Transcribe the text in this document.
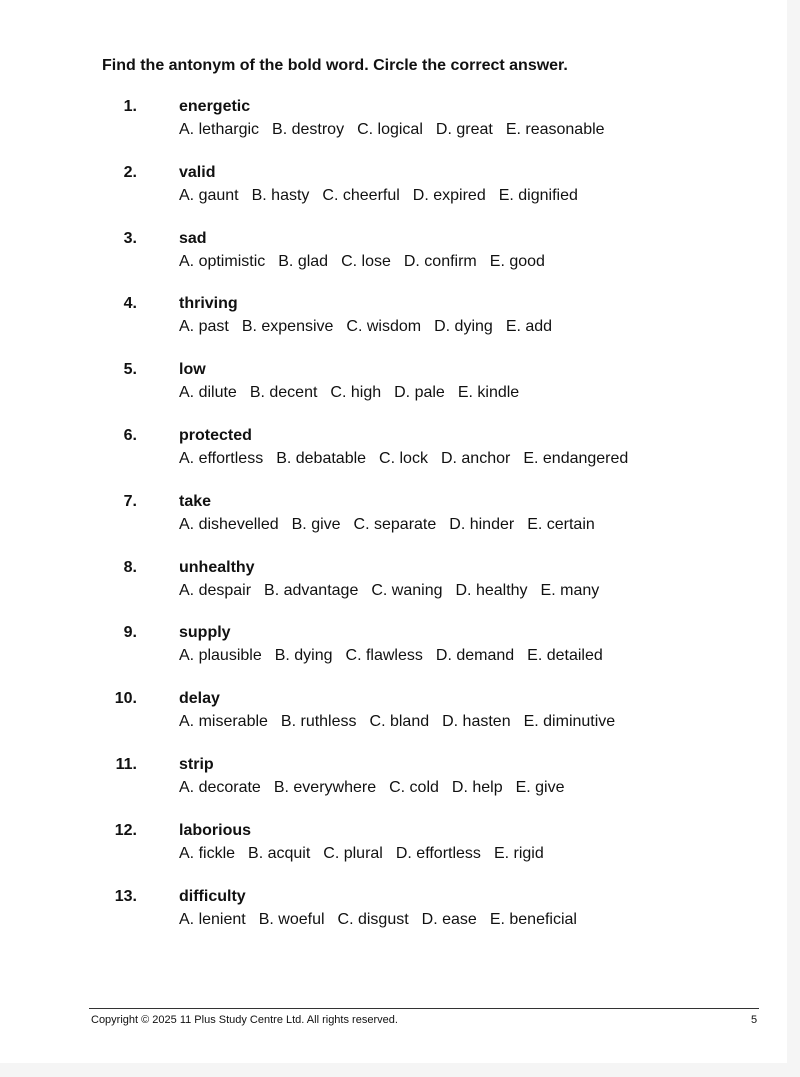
Find the antonym of the bold word. Circle the correct answer.

1.	energetic
A. lethargic B. destroy C. logical D. great E. reasonable
2.	valid
A. gaunt B. hasty C. cheerful D. expired E. dignified
3.	sad
A. optimistic B. glad C. lose D. confirm E. good
4.	thriving
A. past B. expensive C. wisdom D. dying E. add
5.	low
A. dilute B. decent C. high D. pale E. kindle
6.	protected
A. effortless B. debatable C. lock D. anchor E. endangered
7.	take
A. dishevelled B. give C. separate D. hinder E. certain
8.	unhealthy
A. despair B. advantage C. waning D. healthy E. many
9.	supply
A. plausible B. dying C. flawless D. demand E. detailed
10.	delay
A. miserable B. ruthless C. bland D. hasten E. diminutive
11.	strip
A. decorate B. everywhere C. cold D. help E. give
12.	laborious
A. fickle B. acquit C. plural D. effortless E. rigid
13.	difficulty
A. lenient B. woeful C. disgust D. ease E. beneficial
Copyright © 2025 11 Plus Study Centre Ltd. All rights reserved.	5
